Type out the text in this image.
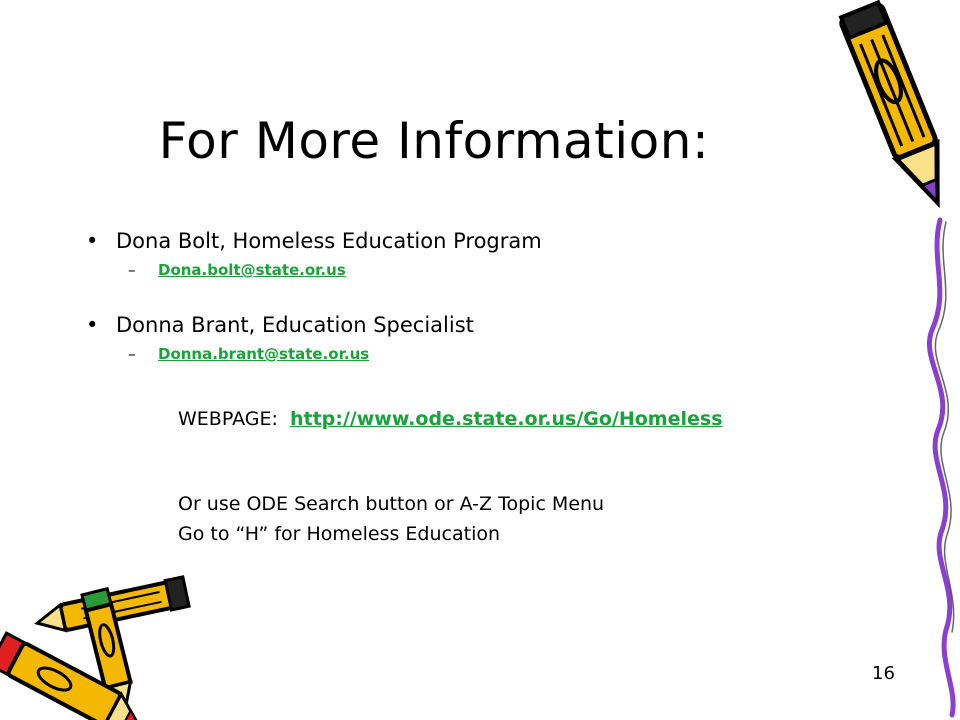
For More Information:
• Dona Bolt, Homeless Education Program
– Dona.bolt@state.or.us
• Donna Brant, Education Specialist
– Donna.brant@state.or.us
WEBPAGE: http://www.ode.state.or.us/Go/Homeless
Or use ODE Search button or A-Z Topic Menu
Go to “H” for Homeless Education
16
